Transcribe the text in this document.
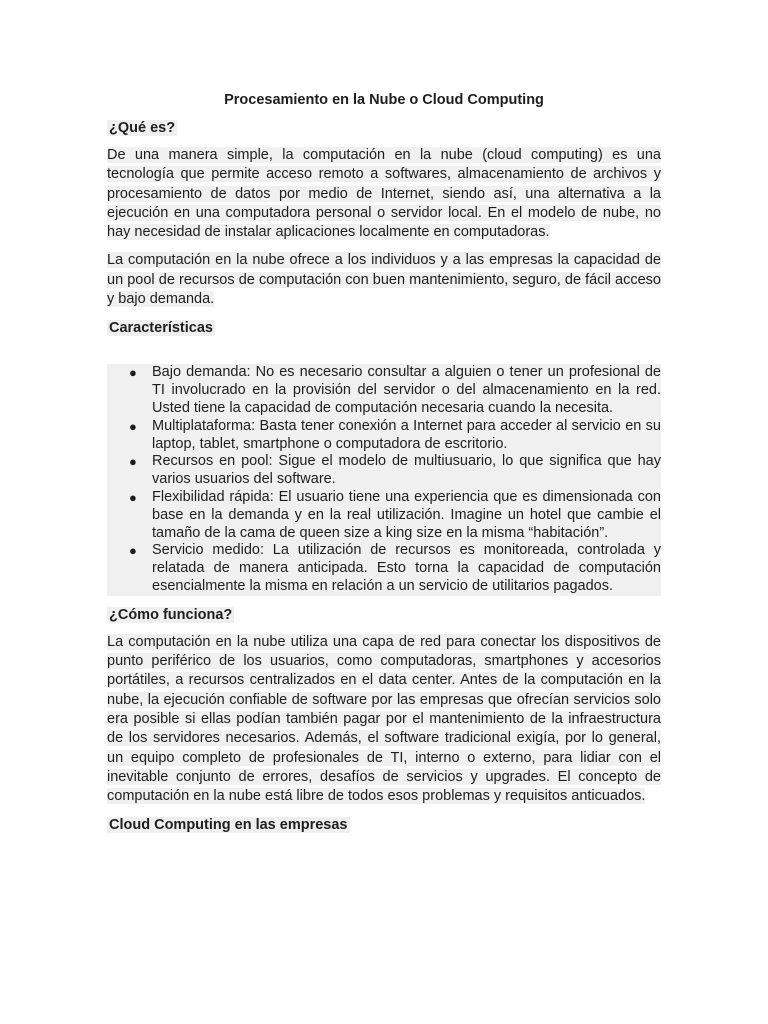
Procesamiento en la Nube o Cloud Computing
¿Qué es?

De una manera simple, la computación en la nube (cloud computing) es una tecnología que permite acceso remoto a softwares, almacenamiento de archivos y procesamiento de datos por medio de Internet, siendo así, una alternativa a la ejecución en una computadora personal o servidor local. En el modelo de nube, no hay necesidad de instalar aplicaciones localmente en computadoras.

La computación en la nube ofrece a los individuos y a las empresas la capacidad de un pool de recursos de computación con buen mantenimiento, seguro, de fácil acceso y bajo demanda.

Características
● Bajo demanda: No es necesario consultar a alguien o tener un profesional de TI involucrado en la provisión del servidor o del almacenamiento en la red. Usted tiene la capacidad de computación necesaria cuando la necesita.
● Multiplataforma: Basta tener conexión a Internet para acceder al servicio en su laptop, tablet, smartphone o computadora de escritorio.
● Recursos en pool: Sigue el modelo de multiusuario, lo que significa que hay varios usuarios del software.
● Flexibilidad rápida: El usuario tiene una experiencia que es dimensionada con base en la demanda y en la real utilización. Imagine un hotel que cambie el tamaño de la cama de queen size a king size en la misma “habitación”.
● Servicio medido: La utilización de recursos es monitoreada, controlada y relatada de manera anticipada. Esto torna la capacidad de computación esencialmente la misma en relación a un servicio de utilitarios pagados.
¿Cómo funciona?

La computación en la nube utiliza una capa de red para conectar los dispositivos de punto periférico de los usuarios, como computadoras, smartphones y accesorios portátiles, a recursos centralizados en el data center. Antes de la computación en la nube, la ejecución confiable de software por las empresas que ofrecían servicios solo era posible si ellas podían también pagar por el mantenimiento de la infraestructura de los servidores necesarios. Además, el software tradicional exigía, por lo general, un equipo completo de profesionales de TI, interno o externo, para lidiar con el inevitable conjunto de errores, desafíos de servicios y upgrades. El concepto de computación en la nube está libre de todos esos problemas y requisitos anticuados.

Cloud Computing en las empresas
